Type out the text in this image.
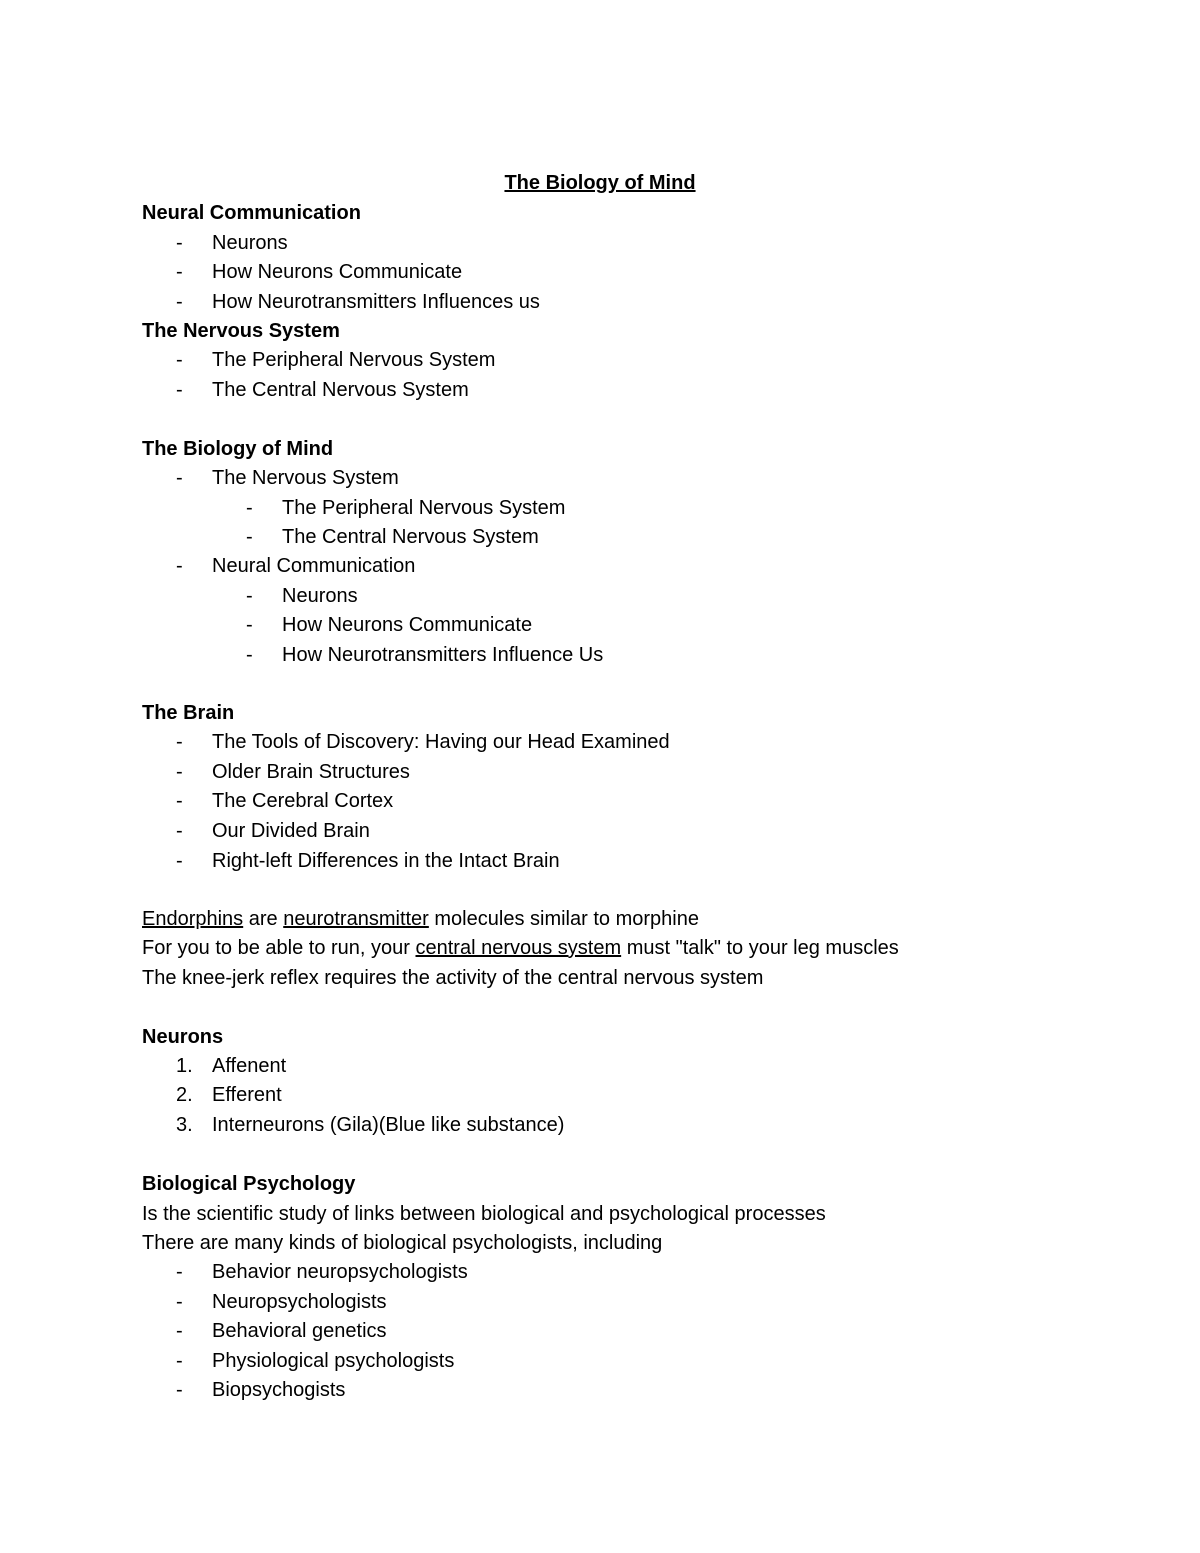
The Biology of Mind
Neural Communication
- Neurons
- How Neurons Communicate
- How Neurotransmitters Influences us
The Nervous System
- The Peripheral Nervous System
- The Central Nervous System
The Biology of Mind
- The Nervous System
- The Peripheral Nervous System
- The Central Nervous System
- Neural Communication
- Neurons
- How Neurons Communicate
- How Neurotransmitters Influence Us
The Brain
- The Tools of Discovery: Having our Head Examined
- Older Brain Structures
- The Cerebral Cortex
- Our Divided Brain
- Right-left Differences in the Intact Brain
Endorphins are neurotransmitter molecules similar to morphine
For you to be able to run, your central nervous system must "talk" to your leg muscles
The knee-jerk reflex requires the activity of the central nervous system
Neurons
1. Affenent
2. Efferent
3. Interneurons (Gila)(Blue like substance)
Biological Psychology
Is the scientific study of links between biological and psychological processes
There are many kinds of biological psychologists, including
- Behavior neuropsychologists
- Neuropsychologists
- Behavioral genetics
- Physiological psychologists
- Biopsychogists
